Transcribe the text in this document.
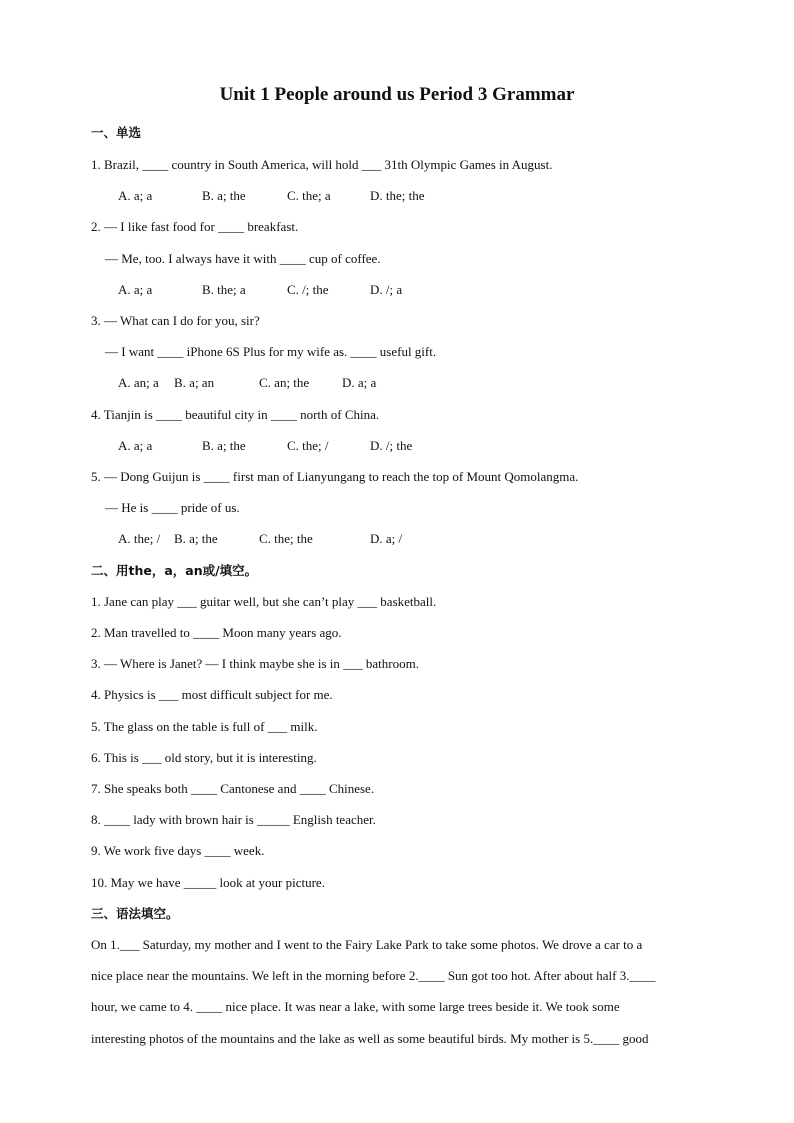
Unit 1 People around us Period 3 Grammar
一、单选
1. Brazil, ____ country in South America, will hold ___ 31th Olympic Games in August.
A. a; a	B. a; the	C. the; a	D. the; the
2. — I like fast food for ____ breakfast.
— Me, too. I always have it with ____ cup of coffee.
A. a; a	B. the; a	C. /; the	D. /; a
3. — What can I do for you, sir?
— I want ____ iPhone 6S Plus for my wife as. ____ useful gift.
A. an; a B. a; an	C. an; the	D. a; a
4. Tianjin is ____ beautiful city in ____ north of China.
A. a; a	B. a; the	C. the; /	D. /; the
5. — Dong Guijun is ____ first man of Lianyungang to reach the top of Mount Qomolangma.
— He is ____ pride of us.
A. the; / B. a; the	C. the; the	D. a; /
二、用the，a，an或/填空。
1. Jane can play ___ guitar well, but she can’t play ___ basketball.
2. Man travelled to ____ Moon many years ago.
3. — Where is Janet? — I think maybe she is in ___ bathroom.
4. Physics is ___ most difficult subject for me.
5. The glass on the table is full of ___ milk.
6. This is ___ old story, but it is interesting.
7. She speaks both ____ Cantonese and ____ Chinese.
8. ____ lady with brown hair is _____ English teacher.
9. We work five days ____ week.
10. May we have _____ look at your picture.
三、语法填空。
On 1.___ Saturday, my mother and I went to the Fairy Lake Park to take some photos. We drove a car to a
nice place near the mountains. We left in the morning before 2.____ Sun got too hot. After about half 3.____
hour, we came to 4. ____ nice place. It was near a lake, with some large trees beside it. We took some
interesting photos of the mountains and the lake as well as some beautiful birds. My mother is 5.____ good
